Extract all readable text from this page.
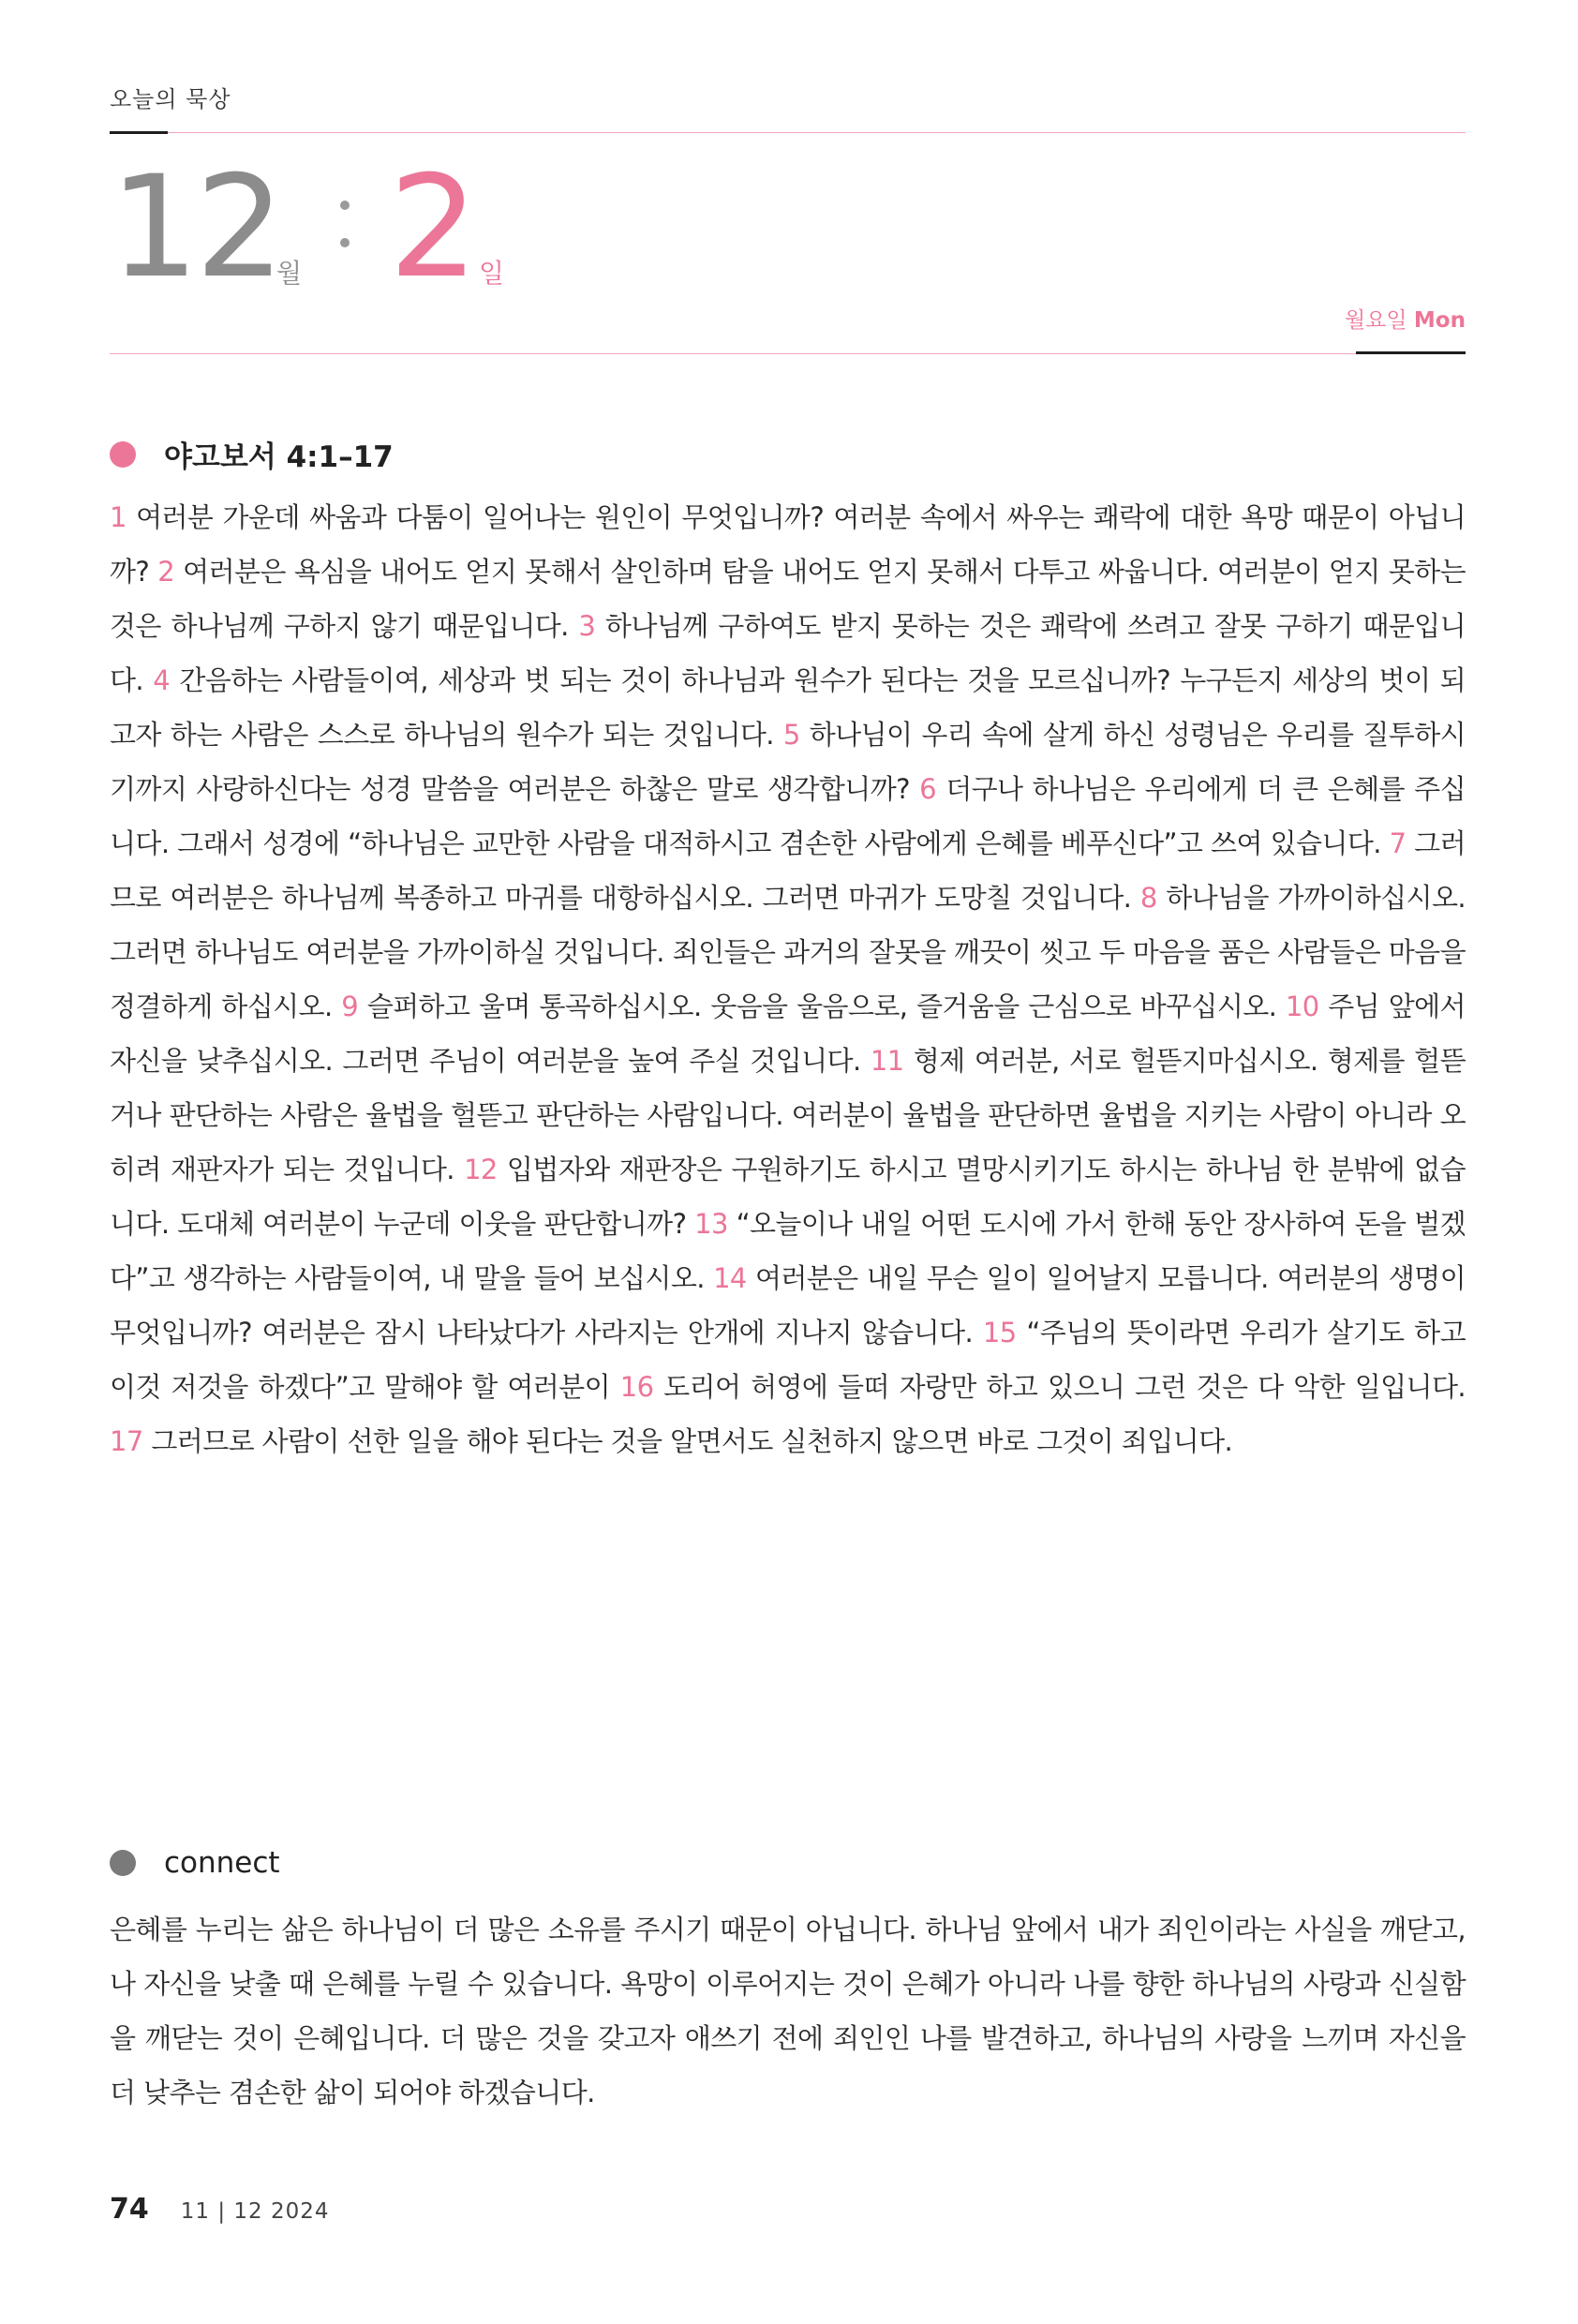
오늘의 묵상
12
월 2 일
월요일 Mon
야고보서 4:1–17
1 여러분 가운데 싸움과 다툼이 일어나는 원인이 무엇입니까? 여러분 속에서 싸우는 쾌락에 대한 욕망 때문이 아닙니까? 2 여러분은 욕심을 내어도 얻지 못해서 살인하며 탐을 내어도 얻지 못해서 다투고 싸웁니다. 여러분이 얻지 못하는 것은 하나님께 구하지 않기 때문입니다. 3 하나님께 구하여도 받지 못하는 것은 쾌락에 쓰려고 잘못 구하기 때문입니다. 4 간음하는 사람들이여, 세상과 벗 되는 것이 하나님과 원수가 된다는 것을 모르십니까? 누구든지 세상의 벗이 되고자 하는 사람은 스스로 하나님의 원수가 되는 것입니다. 5 하나님이 우리 속에 살게 하신 성령님은 우리를 질투하시기까지 사랑하신다는 성경 말씀을 여러분은 하찮은 말로 생각합니까? 6 더구나 하나님은 우리에게 더 큰 은혜를 주십니다. 그래서 성경에 “하나님은 교만한 사람을 대적하시고 겸손한 사람에게 은혜를 베푸신다”고 쓰여 있습니다. 7 그러므로 여러분은 하나님께 복종하고 마귀를 대항하십시오. 그러면 마귀가 도망칠 것입니다. 8 하나님을 가까이하십시오. 그러면 하나님도 여러분을 가까이하실 것입니다. 죄인들은 과거의 잘못을 깨끗이 씻고 두 마음을 품은 사람들은 마음을 정결하게 하십시오. 9 슬퍼하고 울며 통곡하십시오. 웃음을 울음으로, 즐거움을 근심으로 바꾸십시오. 10 주님 앞에서 자신을 낮추십시오. 그러면 주님이 여러분을 높여 주실 것입니다. 11 형제 여러분, 서로 헐뜯지마십시오. 형제를 헐뜯거나 판단하는 사람은 율법을 헐뜯고 판단하는 사람입니다. 여러분이 율법을 판단하면 율법을 지키는 사람이 아니라 오히려 재판자가 되는 것입니다. 12 입법자와 재판장은 구원하기도 하시고 멸망시키기도 하시는 하나님 한 분밖에 없습니다. 도대체 여러분이 누군데 이웃을 판단합니까? 13 “오늘이나 내일 어떤 도시에 가서 한해 동안 장사하여 돈을 벌겠다”고 생각하는 사람들이여, 내 말을 들어 보십시오. 14 여러분은 내일 무슨 일이 일어날지 모릅니다. 여러분의 생명이 무엇입니까? 여러분은 잠시 나타났다가 사라지는 안개에 지나지 않습니다. 15 “주님의 뜻이라면 우리가 살기도 하고 이것 저것을 하겠다”고 말해야 할 여러분이 16 도리어 허영에 들떠 자랑만 하고 있으니 그런 것은 다 악한 일입니다. 17 그러므로 사람이 선한 일을 해야 된다는 것을 알면서도 실천하지 않으면 바로 그것이 죄입니다.
connect
은혜를 누리는 삶은 하나님이 더 많은 소유를 주시기 때문이 아닙니다. 하나님 앞에서 내가 죄인이라는 사실을 깨닫고, 나 자신을 낮출 때 은혜를 누릴 수 있습니다. 욕망이 이루어지는 것이 은혜가 아니라 나를 향한 하나님의 사랑과 신실함을 깨닫는 것이 은혜입니다. 더 많은 것을 갖고자 애쓰기 전에 죄인인 나를 발견하고, 하나님의 사랑을 느끼며 자신을 더 낮추는 겸손한 삶이 되어야 하겠습니다.
74 11 | 12 2024
